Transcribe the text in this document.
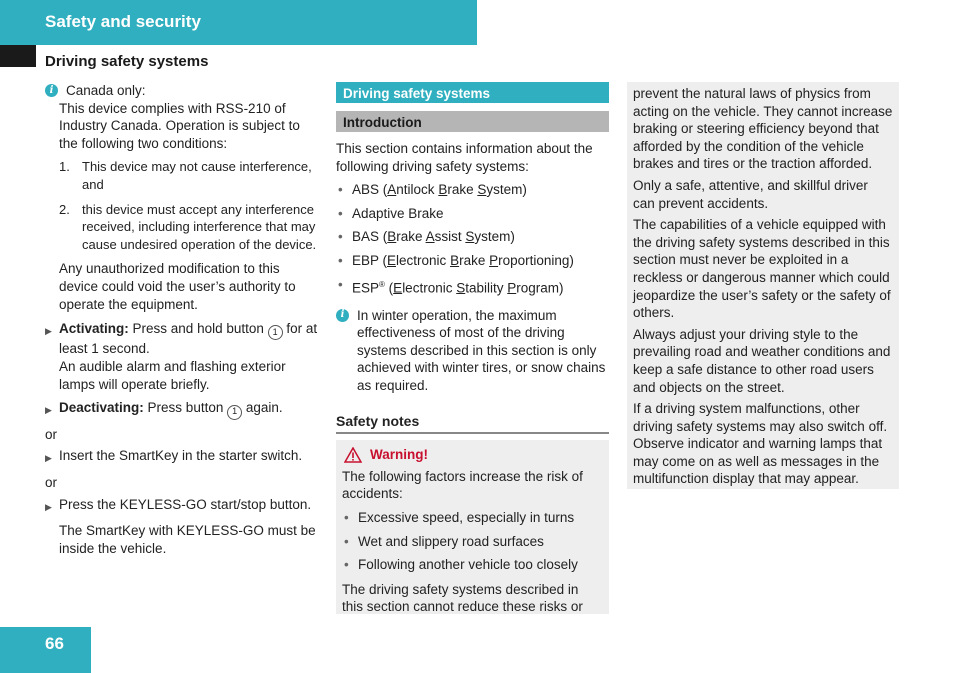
Safety and security
Driving safety systems
i Canada only:

This device complies with RSS-210 of Industry Canada. Operation is subject to the following two conditions:

1. This device may not cause interference, and
2. this device must accept any interference received, including interference that may cause undesired operation of the device.

Any unauthorized modification to this device could void the user’s authority to operate the equipment.

▶ Activating: Press and hold button 1 for at least 1 second.

An audible alarm and flashing exterior lamps will operate briefly.

▶ Deactivating: Press button 1 again.

or

▶ Insert the SmartKey in the starter switch.

or

▶ Press the KEYLESS-GO start/stop button.

The SmartKey with KEYLESS-GO must be inside the vehicle.

Driving safety systems
Introduction

This section contains information about the following driving safety systems:

• ABS (Antilock Brake System)
• Adaptive Brake
• BAS (Brake Assist System)
• EBP (Electronic Brake Proportioning)
• ESP® (Electronic Stability Program)
i In winter operation, the maximum effectiveness of most of the driving systems described in this section is only achieved with winter tires, or snow chains as required.
Safety notes
Warning!

The following factors increase the risk of accidents:

• Excessive speed, especially in turns
• Wet and slippery road surfaces
• Following another vehicle too closely

The driving safety systems described in this section cannot reduce these risks or

prevent the natural laws of physics from acting on the vehicle. They cannot increase braking or steering efficiency beyond that afforded by the condition of the vehicle brakes and tires or the traction afforded.

Only a safe, attentive, and skillful driver can prevent accidents.

The capabilities of a vehicle equipped with the driving safety systems described in this section must never be exploited in a reckless or dangerous manner which could jeopardize the user’s safety or the safety of others.

Always adjust your driving style to the prevailing road and weather conditions and keep a safe distance to other road users and objects on the street.

If a driving system malfunctions, other driving safety systems may also switch off. Observe indicator and warning lamps that may come on as well as messages in the multifunction display that may appear.

66
